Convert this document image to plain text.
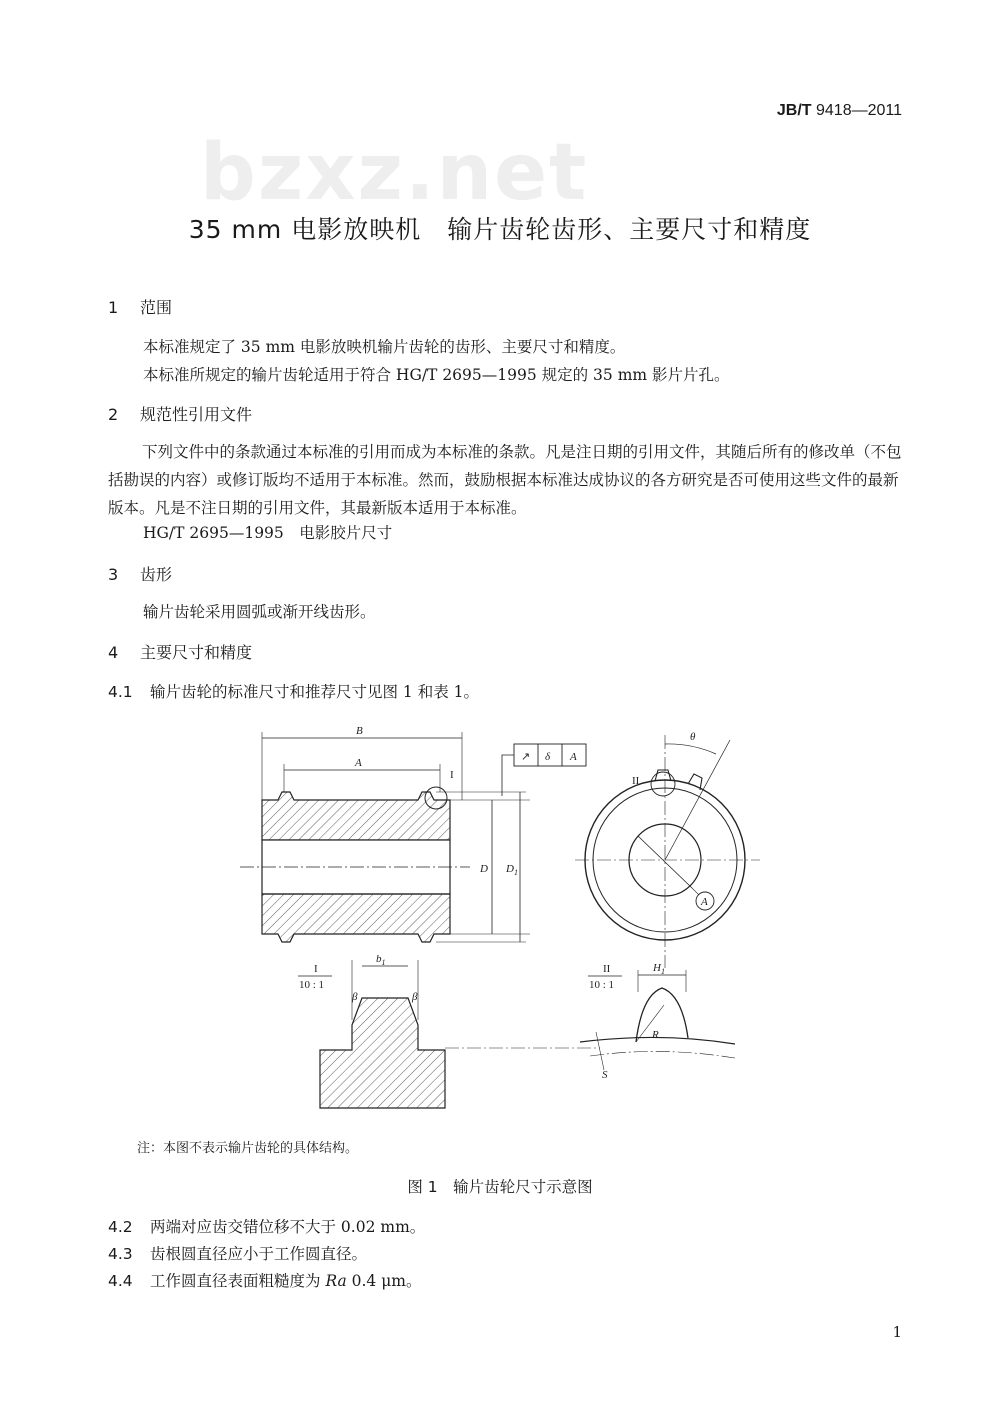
JB/T 9418—2011
bzxz.net
35 mm 电影放映机　输片齿轮齿形、主要尺寸和精度
1 范围
本标准规定了 35 mm 电影放映机输片齿轮的齿形、主要尺寸和精度。
本标准所规定的输片齿轮适用于符合 HG/T 2695—1995 规定的 35 mm 影片片孔。
2 规范性引用文件
下列文件中的条款通过本标准的引用而成为本标准的条款。凡是注日期的引用文件，其随后所有的修改单（不包括勘误的内容）或修订版均不适用于本标准。然而，鼓励根据本标准达成协议的各方研究是否可使用这些文件的最新版本。凡是不注日期的引用文件，其最新版本适用于本标准。
HG/T 2695—1995　电影胶片尺寸
3 齿形
输片齿轮采用圆弧或渐开线齿形。
4 主要尺寸和精度
4.1 输片齿轮的标准尺寸和推荐尺寸见图 1 和表 1。
B
A
I
↗ δ A
D $D_1$
θ
II
A
I
10 : 1
$b_1$
β	β
II
10 : 1
$H_1$
R
S
注：本图不表示输片齿轮的具体结构。
图 1　输片齿轮尺寸示意图
4.2 两端对应齿交错位移不大于 0.02 mm。
4.3 齿根圆直径应小于工作圆直径。
4.4 工作圆直径表面粗糙度为 Ra 0.4 μm。
1
